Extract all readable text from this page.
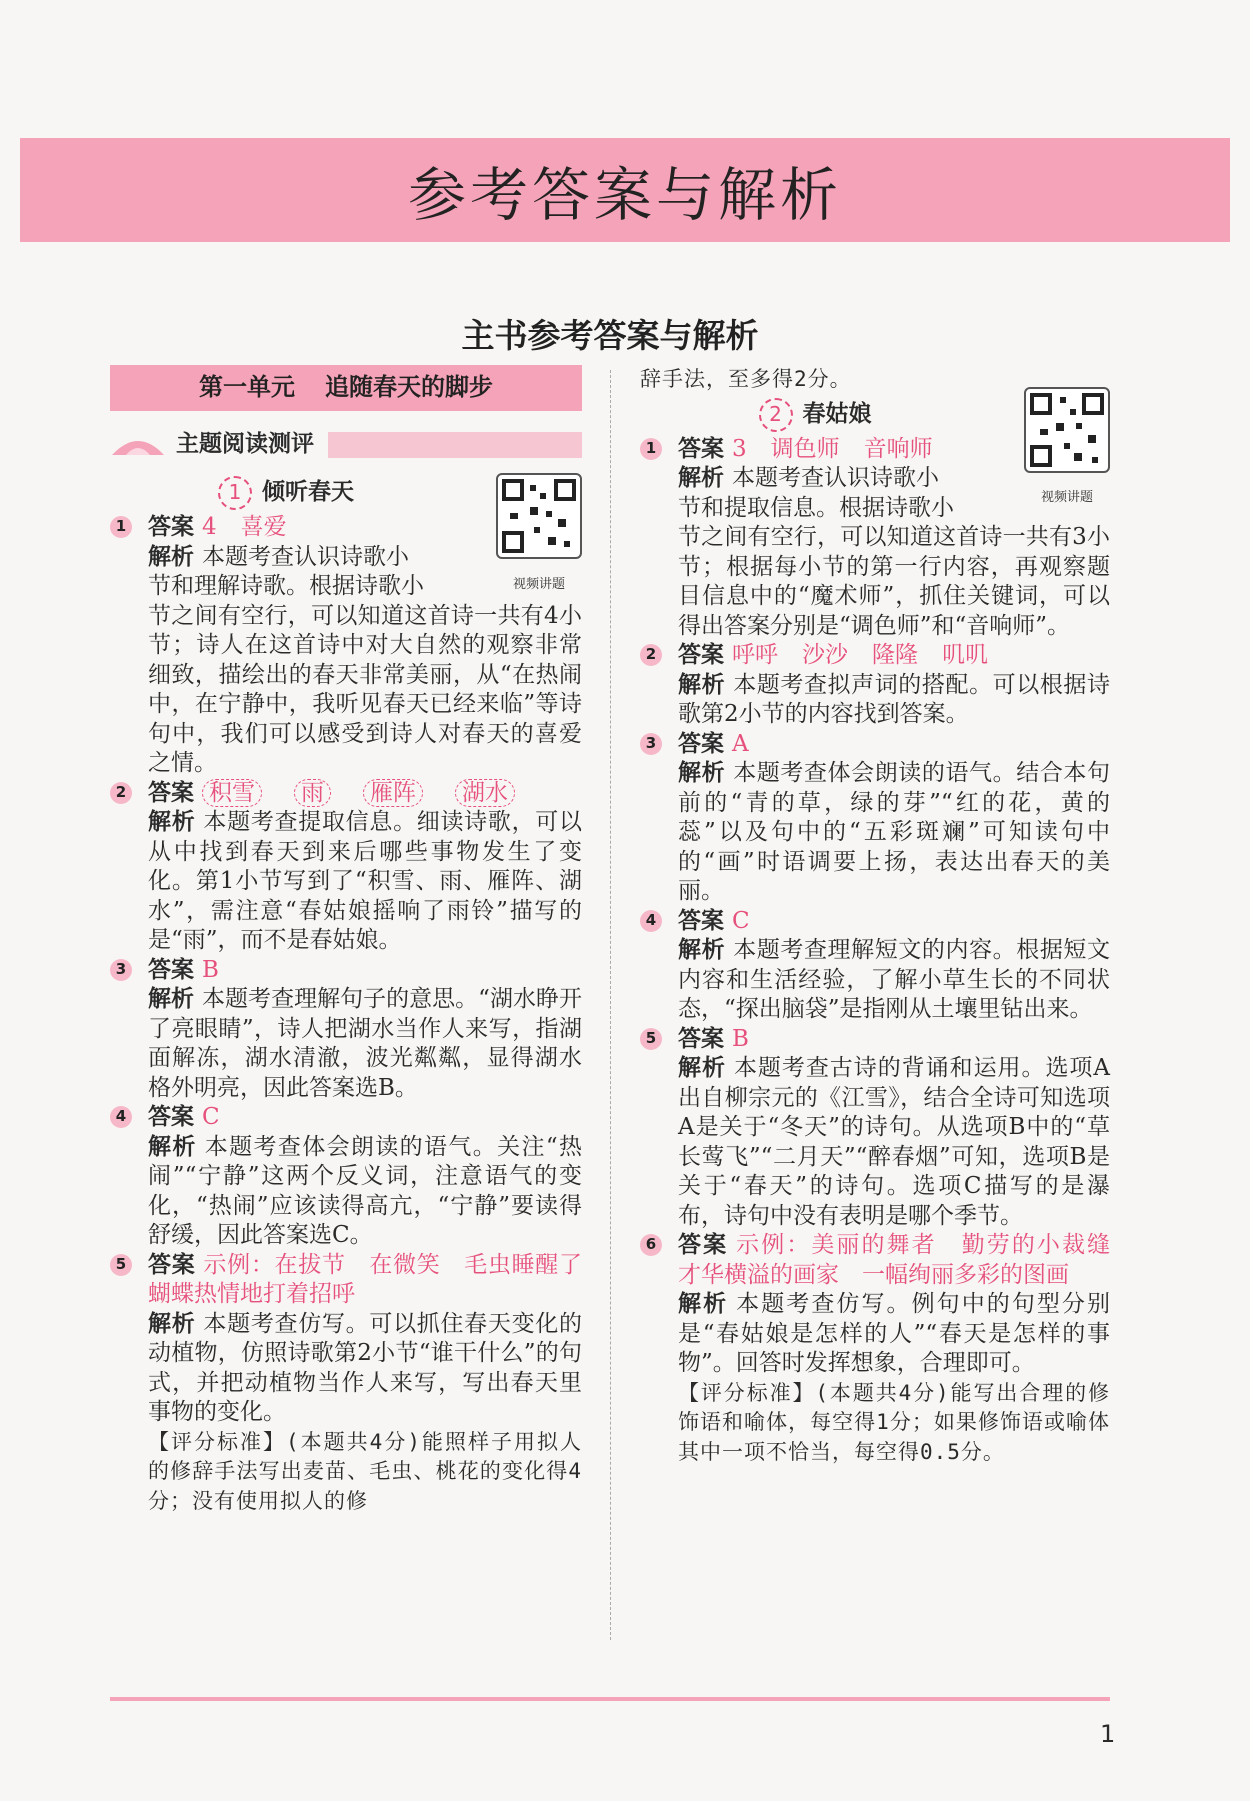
参考答案与解析
主书参考答案与解析
第一单元 追随春天的脚步
主题阅读测评
1 倾听春天
视频讲题
1 答案 4 喜爱
解析 本题考查认识诗歌小
节和理解诗歌。根据诗歌小
节之间有空行，可以知道这首诗一共有4小节；诗人在这首诗中对大自然的观察非常细致，描绘出的春天非常美丽，从“在热闹中，在宁静中，我听见春天已经来临”等诗句中，我们可以感受到诗人对春天的喜爱之情。
2 答案 积雪 雨 雁阵 湖水
解析 本题考查提取信息。细读诗歌，可以从中找到春天到来后哪些事物发生了变化。第1小节写到了“积雪、雨、雁阵、湖水”，需注意“春姑娘摇响了雨铃”描写的是“雨”，而不是春姑娘。
3 答案 B
解析 本题考查理解句子的意思。“湖水睁开了亮眼睛”，诗人把湖水当作人来写，指湖面解冻，湖水清澈，波光粼粼，显得湖水格外明亮，因此答案选B。
4 答案 C
解析 本题考查体会朗读的语气。关注“热闹”“宁静”这两个反义词，注意语气的变化，“热闹”应该读得高亢，“宁静”要读得舒缓，因此答案选C。
5 答案 示例：在拔节　在微笑　毛虫睡醒了　蝴蝶热情地打着招呼
解析 本题考查仿写。可以抓住春天变化的动植物，仿照诗歌第2小节“谁干什么”的句式，并把动植物当作人来写，写出春天里事物的变化。
【评分标准】(本题共4分)能照样子用拟人的修辞手法写出麦苗、毛虫、桃花的变化得4分；没有使用拟人的修
辞手法，至多得2分。
2 春姑娘
视频讲题
1 答案 3 调色师 音响师
解析 本题考查认识诗歌小
节和提取信息。根据诗歌小
节之间有空行，可以知道这首诗一共有3小节；根据每小节的第一行内容，再观察题目信息中的“魔术师”，抓住关键词，可以得出答案分别是“调色师”和“音响师”。
2 答案 呼呼 沙沙 隆隆 叽叽
解析 本题考查拟声词的搭配。可以根据诗歌第2小节的内容找到答案。
3 答案 A
解析 本题考查体会朗读的语气。结合本句前的“青的草，绿的芽”“红的花，黄的蕊”以及句中的“五彩斑斓”可知读句中的“画”时语调要上扬，表达出春天的美丽。
4 答案 C
解析 本题考查理解短文的内容。根据短文内容和生活经验，了解小草生长的不同状态，“探出脑袋”是指刚从土壤里钻出来。
5 答案 B
解析 本题考查古诗的背诵和运用。选项A出自柳宗元的《江雪》，结合全诗可知选项A是关于“冬天”的诗句。从选项B中的“草长莺飞”“二月天”“醉春烟”可知，选项B是关于“春天”的诗句。选项C描写的是瀑布，诗句中没有表明是哪个季节。
6 答案 示例：美丽的舞者　勤劳的小裁缝　才华横溢的画家　一幅绚丽多彩的图画
解析 本题考查仿写。例句中的句型分别是“春姑娘是怎样的人”“春天是怎样的事物”。回答时发挥想象，合理即可。
【评分标准】(本题共4分)能写出合理的修饰语和喻体，每空得1分；如果修饰语或喻体其中一项不恰当，每空得0.5分。
1
